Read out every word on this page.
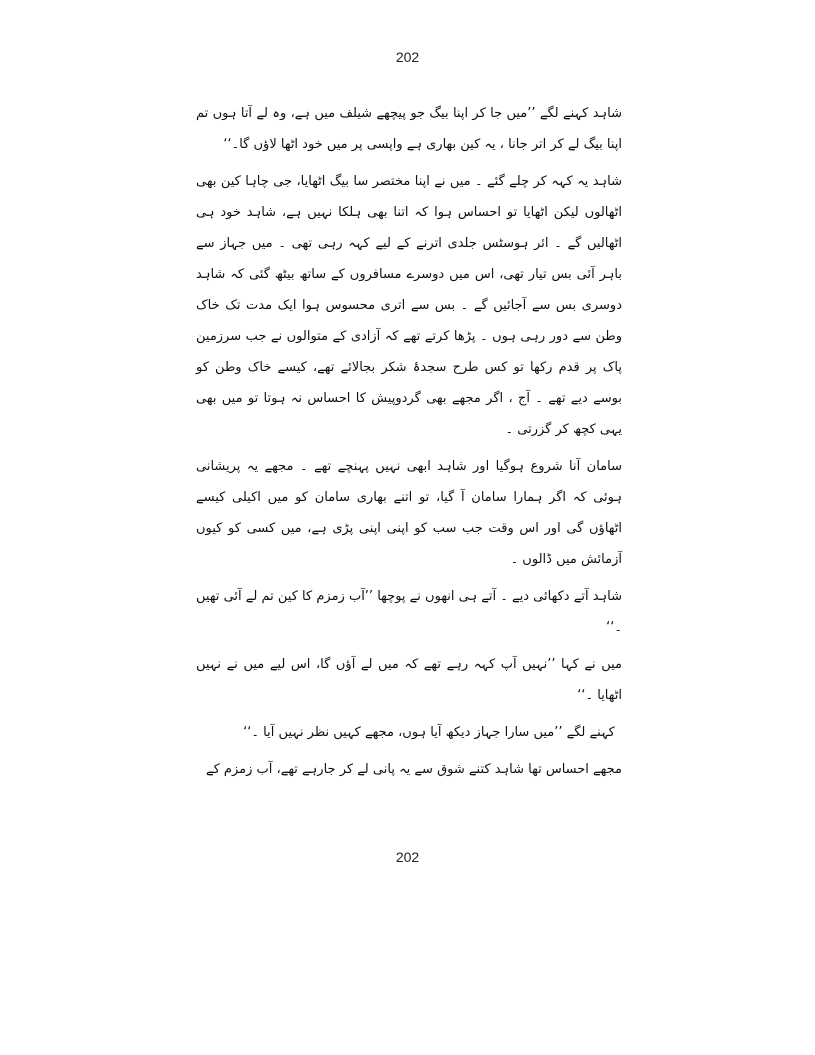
202

شاہد کہنے لگے ’’میں جا کر اپنا بیگ جو پیچھے شیلف میں ہے، وہ لے آتا ہوں تم اپنا بیگ لے کر اتر جانا ، یہ کین بھاری ہے واپسی پر میں خود اٹھا لاؤں گا۔‘‘

شاہد یہ کہہ کر چلے گئے ۔ میں نے اپنا مختصر سا بیگ اٹھایا، جی چاہا کین بھی اٹھالوں لیکن اٹھایا تو احساس ہوا کہ اتنا بھی ہلکا نہیں ہے، شاہد خود ہی اٹھالیں گے ۔ ائر ہوسٹس جلدی اترنے کے لیے کہہ رہی تھی ۔ میں جہاز سے باہر آئی بس تیار تھی، اس میں دوسرے مسافروں کے ساتھ بیٹھ گئی کہ شاہد دوسری بس سے آجائیں گے ۔ بس سے اتری محسوس ہوا ایک مدت تک خاک وطن سے دور رہی ہوں ۔ پڑھا کرتے تھے کہ آزادی کے متوالوں نے جب سرزمین پاک پر قدم رکھا تو کس طرح سجدۂ شکر بجالائے تھے، کیسے خاک وطن کو بوسے دیے تھے ۔ آج ، اگر مجھے بھی گردوپیش کا احساس نہ ہوتا تو میں بھی یہی کچھ کر گزرتی ۔

سامان آنا شروع ہوگیا اور شاہد ابھی نہیں پہنچے تھے ۔ مجھے یہ پریشانی ہوئی کہ اگر ہمارا سامان آ گیا، تو اتنے بھاری سامان کو میں اکیلی کیسے اٹھاؤں گی اور اس وقت جب سب کو اپنی اپنی پڑی ہے، میں کسی کو کیوں آزمائش میں ڈالوں ۔

شاہد آتے دکھائی دیے ۔ آتے ہی انھوں نے پوچھا ’’آب زمزم کا کین تم لے آئی تھیں ۔‘‘

میں نے کہا ’’نہیں آپ کہہ رہے تھے کہ میں لے آؤں گا، اس لیے میں نے نہیں اٹھایا ۔‘‘

کہنے لگے ’’میں سارا جہاز دیکھ آیا ہوں، مجھے کہیں نظر نہیں آیا ۔‘‘

مجھے احساس تھا شاہد کتنے شوق سے یہ پانی لے کر جارہے تھے، آب زمزم کے

202
